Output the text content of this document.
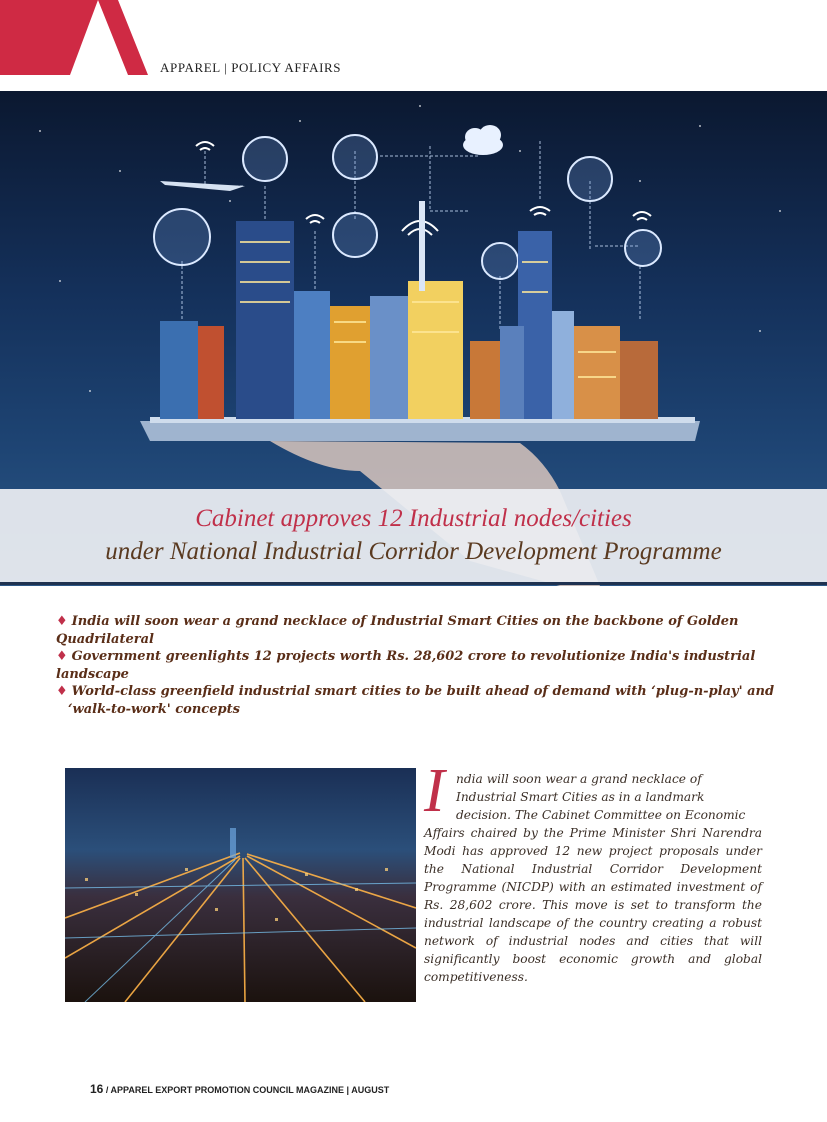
APPAREL | POLICY AFFAIRS
Cabinet approves 12 Industrial nodes/cities
under National Industrial Corridor Development Programme
♦ India will soon wear a grand necklace of Industrial Smart Cities on the backbone of Golden Quadrilateral
♦ Government greenlights 12 projects worth Rs. 28,602 crore to revolutionize India's industrial landscape
♦ World-class greenfield industrial smart cities to be built ahead of demand with ‘plug-n-play' and
‘walk-to-work' concepts
I ndia will soon wear a grand necklace of
Industrial Smart Cities as in a landmark
decision. The Cabinet Committee on Economic
Affairs chaired by the Prime Minister Shri Narendra Modi has approved 12 new project proposals under the National Industrial Corridor Development Programme (NICDP) with an estimated investment of Rs. 28,602 crore. This move is set to transform the industrial landscape of the country creating a robust network of industrial nodes and cities that will significantly boost economic growth and global competitiveness.
16 / APPAREL EXPORT PROMOTION COUNCIL MAGAZINE | AUGUST
